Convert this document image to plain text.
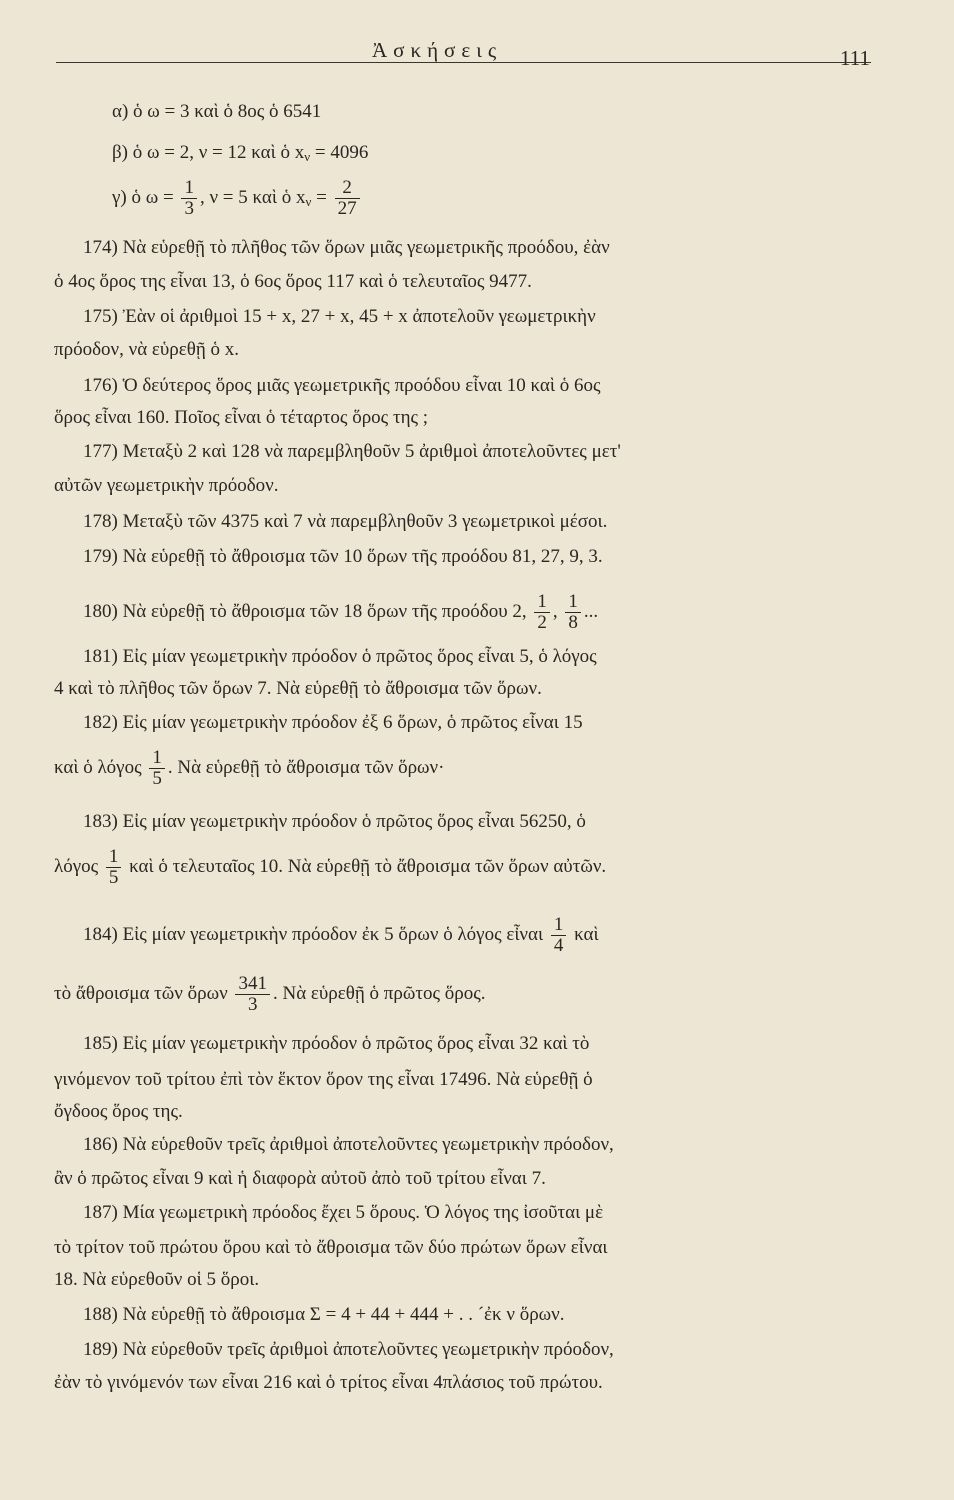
Ἀσκήσεις	111
α) ὁ ω = 3 καὶ ὁ 8ος ὁ 6541
β) ὁ ω = 2, ν = 12 καὶ ὁ $x_\nu = 4096$
γ) ὁ $\omega = \frac{1}{3}$ , ν = 5 καὶ ὁ $x_\nu = \frac{2}{27}$
174) Νὰ εὑρεθῇ τὸ πλῆθος τῶν ὅρων μιᾶς γεωμετρικῆς προόδου, ἐὰν
ὁ 4ος ὅρος της εἶναι 13, ὁ 6ος ὅρος 117 καὶ ὁ τελευταῖος 9477.
175) Ἐὰν οἱ ἀριθμοὶ 15 + x, 27 + x, 45 + x ἀποτελοῦν γεωμετρικὴν
πρόοδον, νὰ εὑρεθῇ ὁ x.
176) Ὁ δεύτερος ὅρος μιᾶς γεωμετρικῆς προόδου εἶναι 10 καὶ ὁ 6ος
ὅρος εἶναι 160. Ποῖος εἶναι ὁ τέταρτος ὅρος της ;
177) Μεταξὺ 2 καὶ 128 νὰ παρεμβληθοῦν 5 ἀριθμοὶ ἀποτελοῦντες μετ'
αὐτῶν γεωμετρικὴν πρόοδον.
178) Μεταξὺ τῶν 4375 καὶ 7 νὰ παρεμβληθοῦν 3 γεωμετρικοὶ μέσοι.
179) Νὰ εὑρεθῇ τὸ ἄθροισμα τῶν 10 ὅρων τῆς προόδου 81, 27, 9, 3.
180) Νὰ εὑρεθῇ τὸ ἄθροισμα τῶν 18 ὅρων τῆς προόδου 2, $\frac{1}{2}$ , $\frac{1}{8}$ ...
181) Εἰς μίαν γεωμετρικὴν πρόοδον ὁ πρῶτος ὅρος εἶναι 5, ὁ λόγος
4 καὶ τὸ πλῆθος τῶν ὅρων 7. Νὰ εὑρεθῇ τὸ ἄθροισμα τῶν ὅρων.
182) Εἰς μίαν γεωμετρικὴν πρόοδον ἐξ 6 ὅρων, ὁ πρῶτος εἶναι 15
καὶ ὁ λόγος $\frac{1}{5}$ . Νὰ εὑρεθῇ τὸ ἄθροισμα τῶν ὅρων·
183) Εἰς μίαν γεωμετρικὴν πρόοδον ὁ πρῶτος ὅρος εἶναι 56250, ὁ
λόγος $\frac{1}{5}$ καὶ ὁ τελευταῖος 10. Νὰ εὑρεθῇ τὸ ἄθροισμα τῶν ὅρων αὐτῶν.
184) Εἰς μίαν γεωμετρικὴν πρόοδον ἐκ 5 ὅρων ὁ λόγος εἶναι $\frac{1}{4}$ καὶ
τὸ ἄθροισμα τῶν ὅρων $\frac{341}{3}$ . Νὰ εὑρεθῇ ὁ πρῶτος ὅρος.
185) Εἰς μίαν γεωμετρικὴν πρόοδον ὁ πρῶτος ὅρος εἶναι 32 καὶ τὸ
γινόμενον τοῦ τρίτου ἐπὶ τὸν ἕκτον ὅρον της εἶναι 17496. Νὰ εὑρεθῇ ὁ
ὄγδοος ὅρος της.
186) Νὰ εὑρεθοῦν τρεῖς ἀριθμοὶ ἀποτελοῦντες γεωμετρικὴν πρόοδον,
ἂν ὁ πρῶτος εἶναι 9 καὶ ἡ διαφορὰ αὐτοῦ ἀπὸ τοῦ τρίτου εἶναι 7.
187) Μία γεωμετρικὴ πρόοδος ἔχει 5 ὅρους. Ὁ λόγος της ἰσοῦται μὲ
τὸ τρίτον τοῦ πρώτου ὅρου καὶ τὸ ἄθροισμα τῶν δύο πρώτων ὅρων εἶναι
18. Νὰ εὑρεθοῦν οἱ 5 ὅροι.
188) Νὰ εὑρεθῇ τὸ ἄθροισμα Σ = 4 + 44 + 444 + . . ´ἐκ ν ὅρων.
189) Νὰ εὑρεθοῦν τρεῖς ἀριθμοὶ ἀποτελοῦντες γεωμετρικὴν πρόοδον,
ἐὰν τὸ γινόμενόν των εἶναι 216 καὶ ὁ τρίτος εἶναι 4πλάσιος τοῦ πρώτου.
